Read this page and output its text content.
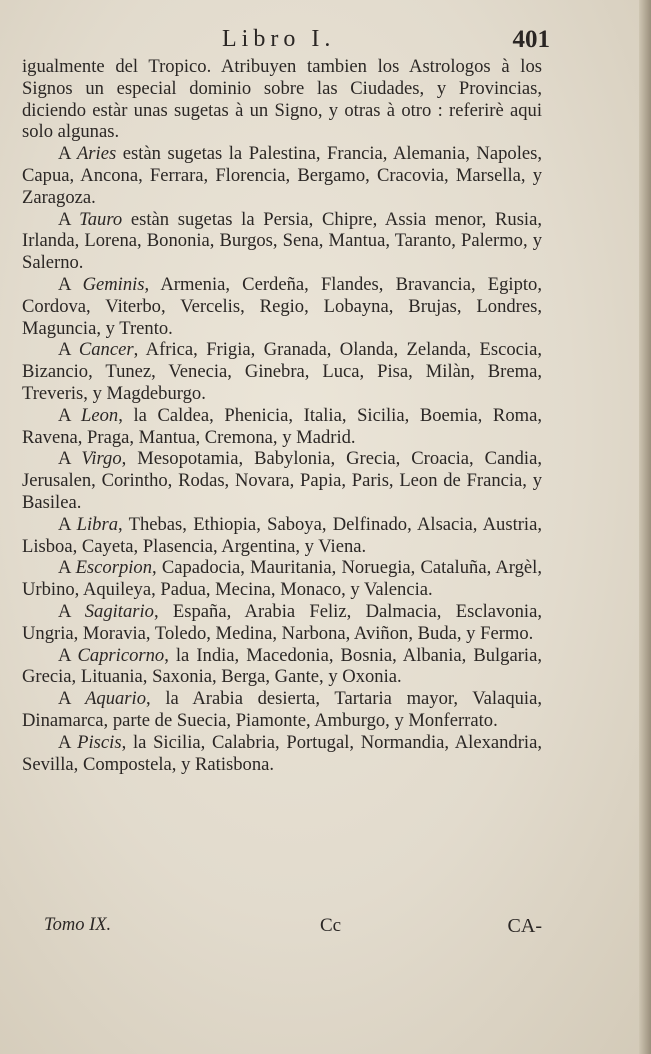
Libro I.	401

igualmente del Tropico. Atribuyen tambien los Astrologos à los Signos un especial dominio sobre las Ciudades, y Provincias, diciendo estàr unas sugetas à un Signo, y otras à otro : referirè aqui solo algunas.

A Aries estàn sugetas la Palestina, Francia, Alemania, Napoles, Capua, Ancona, Ferrara, Florencia, Bergamo, Cracovia, Marsella, y Zaragoza.

A Tauro estàn sugetas la Persia, Chipre, Assia menor, Rusia, Irlanda, Lorena, Bononia, Burgos, Sena, Mantua, Taranto, Palermo, y Salerno.

A Geminis, Armenia, Cerdeña, Flandes, Bravancia, Egipto, Cordova, Viterbo, Vercelis, Regio, Lobayna, Brujas, Londres, Maguncia, y Trento.

A Cancer, Africa, Frigia, Granada, Olanda, Zelanda, Escocia, Bizancio, Tunez, Venecia, Ginebra, Luca, Pisa, Milàn, Brema, Treveris, y Magdeburgo.

A Leon, la Caldea, Phenicia, Italia, Sicilia, Boemia, Roma, Ravena, Praga, Mantua, Cremona, y Madrid.

A Virgo, Mesopotamia, Babylonia, Grecia, Croacia, Candia, Jerusalen, Corintho, Rodas, Novara, Papia, Paris, Leon de Francia, y Basilea.

A Libra, Thebas, Ethiopia, Saboya, Delfinado, Alsacia, Austria, Lisboa, Cayeta, Plasencia, Argentina, y Viena.

A Escorpion, Capadocia, Mauritania, Noruegia, Cataluña, Argèl, Urbino, Aquileya, Padua, Mecina, Monaco, y Valencia.

A Sagitario, España, Arabia Feliz, Dalmacia, Esclavonia, Ungria, Moravia, Toledo, Medina, Narbona, Aviñon, Buda, y Fermo.

A Capricorno, la India, Macedonia, Bosnia, Albania, Bulgaria, Grecia, Lituania, Saxonia, Berga, Gante, y Oxonia.

A Aquario, la Arabia desierta, Tartaria mayor, Valaquia, Dinamarca, parte de Suecia, Piamonte, Amburgo, y Monferrato.

A Piscis, la Sicilia, Calabria, Portugal, Normandia, Alexandria, Sevilla, Compostela, y Ratisbona.

Tomo IX.	Cc	CA-
